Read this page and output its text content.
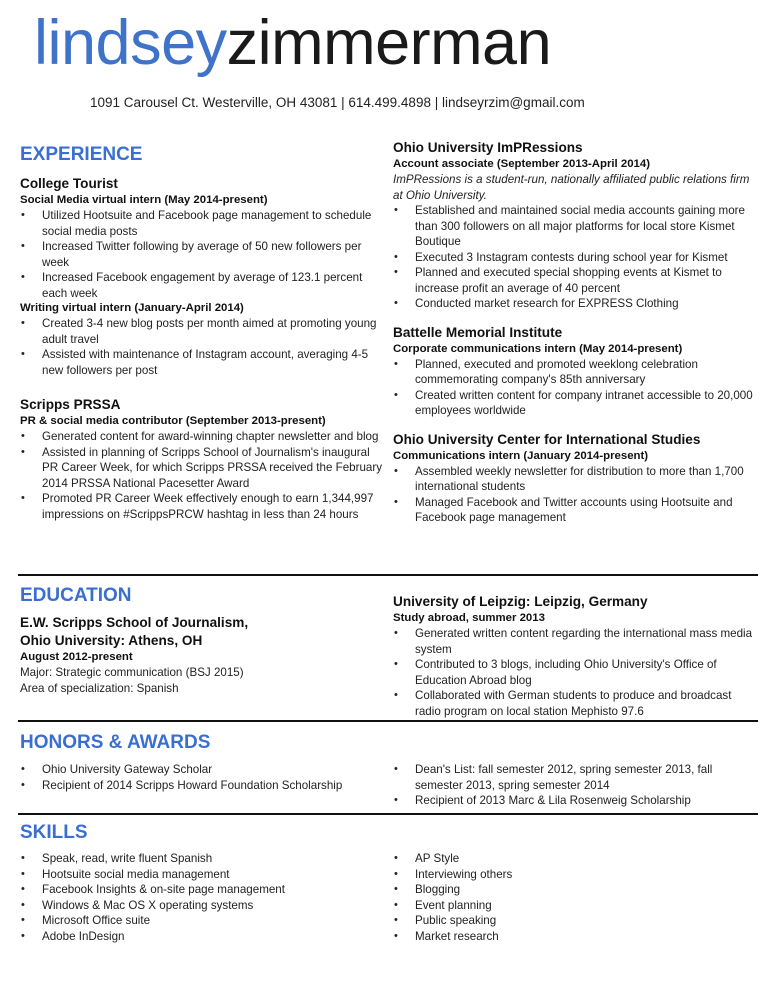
lindseyzimmerman
1091 Carousel Ct. Westerville, OH 43081 | 614.499.4898 | lindseyrzim@gmail.com
EXPERIENCE
College Tourist
Social Media virtual intern (May 2014-present)
• Utilized Hootsuite and Facebook page management to schedule social media posts
• Increased Twitter following by average of 50 new followers per week
• Increased Facebook engagement by average of 123.1 percent each week
Writing virtual intern (January-April 2014)
• Created 3-4 new blog posts per month aimed at promoting young adult travel
• Assisted with maintenance of Instagram account, averaging 4-5 new followers per post
Scripps PRSSA
PR & social media contributor (September 2013-present)
• Generated content for award-winning chapter newsletter and blog
• Assisted in planning of Scripps School of Journalism's inaugural PR Career Week, for which Scripps PRSSA received the February 2014 PRSSA National Pacesetter Award
• Promoted PR Career Week effectively enough to earn 1,344,997 impressions on #ScrippsPRCW hashtag in less than 24 hours
Ohio University ImPRessions
Account associate (September 2013-April 2014)
ImPRessions is a student-run, nationally affiliated public relations firm at Ohio University.
• Established and maintained social media accounts gaining more than 300 followers on all major platforms for local store Kismet Boutique
• Executed 3 Instagram contests during school year for Kismet
• Planned and executed special shopping events at Kismet to increase profit an average of 40 percent
• Conducted market research for EXPRESS Clothing
Battelle Memorial Institute
Corporate communications intern (May 2014-present)
• Planned, executed and promoted weeklong celebration commemorating company's 85th anniversary
• Created written content for company intranet accessible to 20,000 employees worldwide
Ohio University Center for International Studies
Communications intern (January 2014-present)
• Assembled weekly newsletter for distribution to more than 1,700 international students
• Managed Facebook and Twitter accounts using Hootsuite and Facebook page management
EDUCATION
E.W. Scripps School of Journalism,
Ohio University: Athens, OH
August 2012-present
Major: Strategic communication (BSJ 2015)
Area of specialization: Spanish
University of Leipzig: Leipzig, Germany
Study abroad, summer 2013
• Generated written content regarding the international mass media system
• Contributed to 3 blogs, including Ohio University's Office of Education Abroad blog
• Collaborated with German students to produce and broadcast radio program on local station Mephisto 97.6
HONORS & AWARDS
• Ohio University Gateway Scholar
• Recipient of 2014 Scripps Howard Foundation Scholarship
• Dean's List: fall semester 2012, spring semester 2013, fall semester 2013, spring semester 2014
• Recipient of 2013 Marc & Lila Rosenweig Scholarship
SKILLS
• Speak, read, write fluent Spanish
• Hootsuite social media management
• Facebook Insights & on-site page management
• Windows & Mac OS X operating systems
• Microsoft Office suite
• Adobe InDesign
• AP Style
• Interviewing others
• Blogging
• Event planning
• Public speaking
• Market research
